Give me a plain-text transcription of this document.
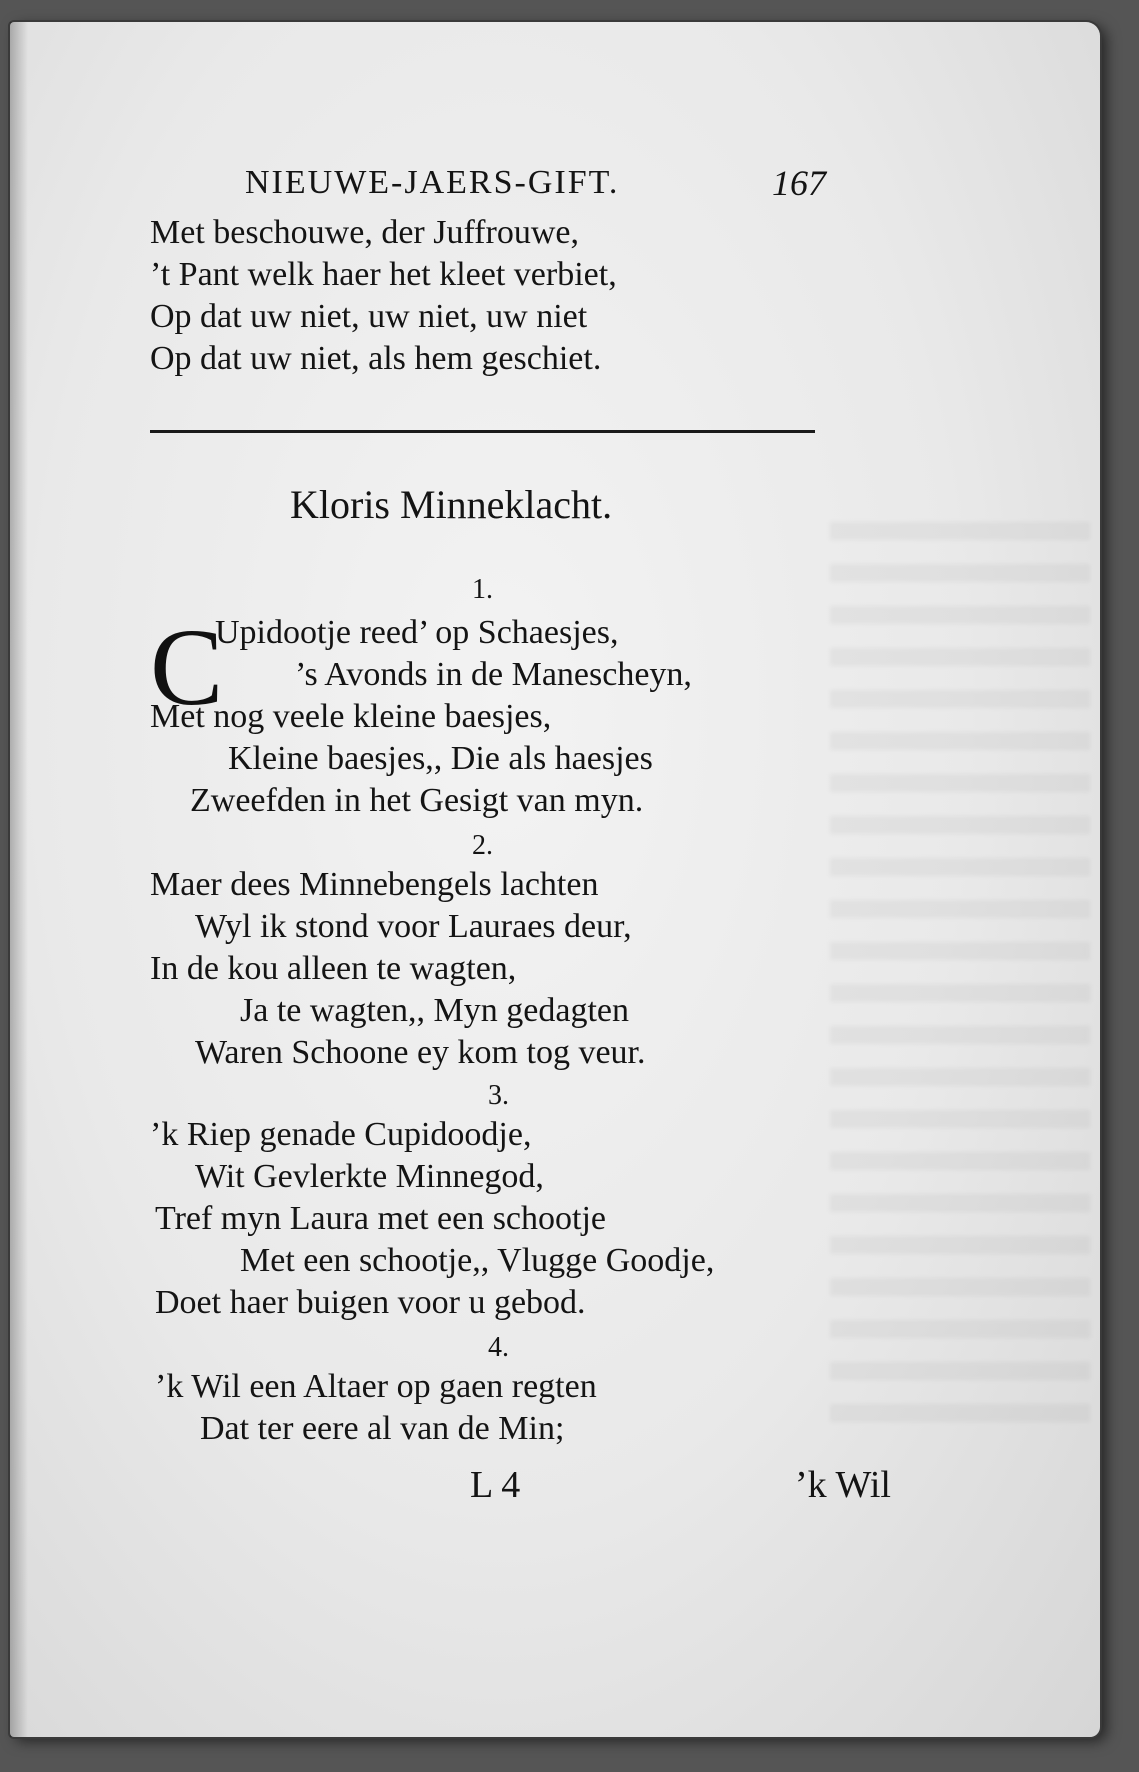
NIEUWE-JAERS-GIFT.	167
Met beschouwe, der Juffrouwe,
’t Pant welk haer het kleet verbiet,
Op dat uw niet, uw niet, uw niet
Op dat uw niet, als hem geschiet.
Kloris Minneklacht.
1.
C
Upidootje reed’ op Schaesjes,
’s Avonds in de Manescheyn,
Met nog veele kleine baesjes,
Kleine baesjes,, Die als haesjes
Zweefden in het Gesigt van myn.
2.
Maer dees Minnebengels lachten
Wyl ik stond voor Lauraes deur,
In de kou alleen te wagten,
Ja te wagten,, Myn gedagten
Waren Schoone ey kom tog veur.
3.
’k Riep genade Cupidoodje,
Wit Gevlerkte Minnegod,
Tref myn Laura met een schootje
Met een schootje,, Vlugge Goodje,
Doet haer buigen voor u gebod.
4.
’k Wil een Altaer op gaen regten
Dat ter eere al van de Min;
L 4	’k Wil
